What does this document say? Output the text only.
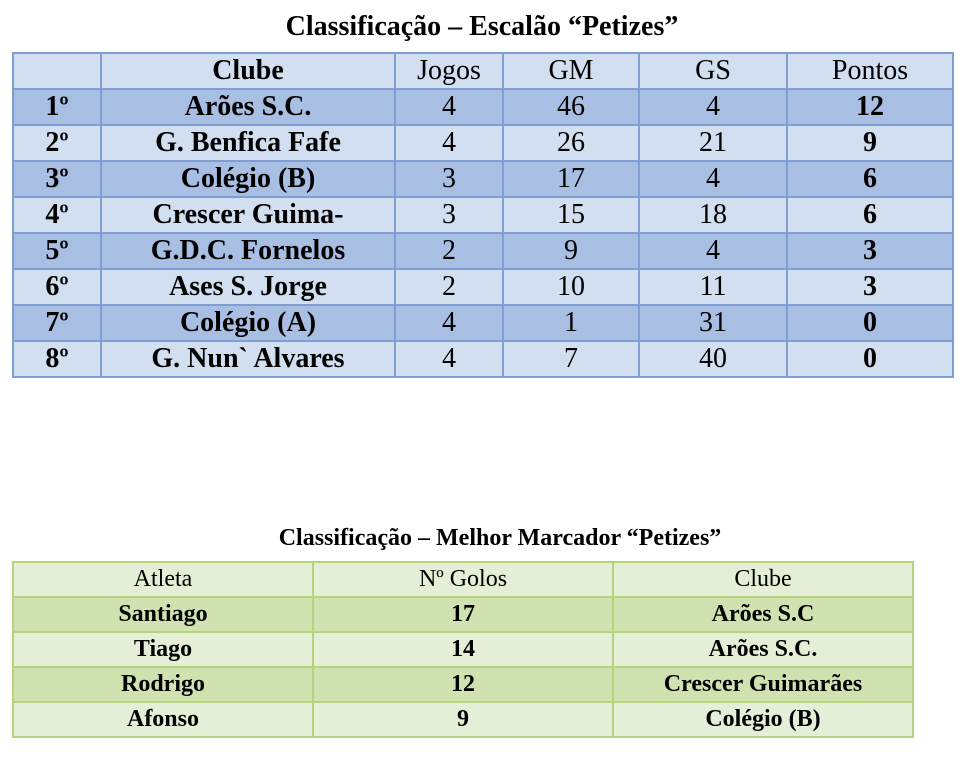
Classificação – Escalão “Petizes”
	Clube	Jogos	GM	GS	Pontos
1º	Arões S.C.	4	46	4	12
2º	G. Benfica Fafe	4	26	21	9
3º	Colégio (B)	3	17	4	6
4º	Crescer Guima-	3	15	18	6
5º	G.D.C. Fornelos	2	9	4	3
6º	Ases S. Jorge	2	10	11	3
7º	Colégio (A)	4	1	31	0
8º	G. Nun` Alvares	4	7	40	0
Classificação – Melhor Marcador “Petizes”
Atleta	Nº Golos	Clube
Santiago	17	Arões S.C
Tiago	14	Arões S.C.
Rodrigo	12	Crescer Guimarães
Afonso	9	Colégio (B)
